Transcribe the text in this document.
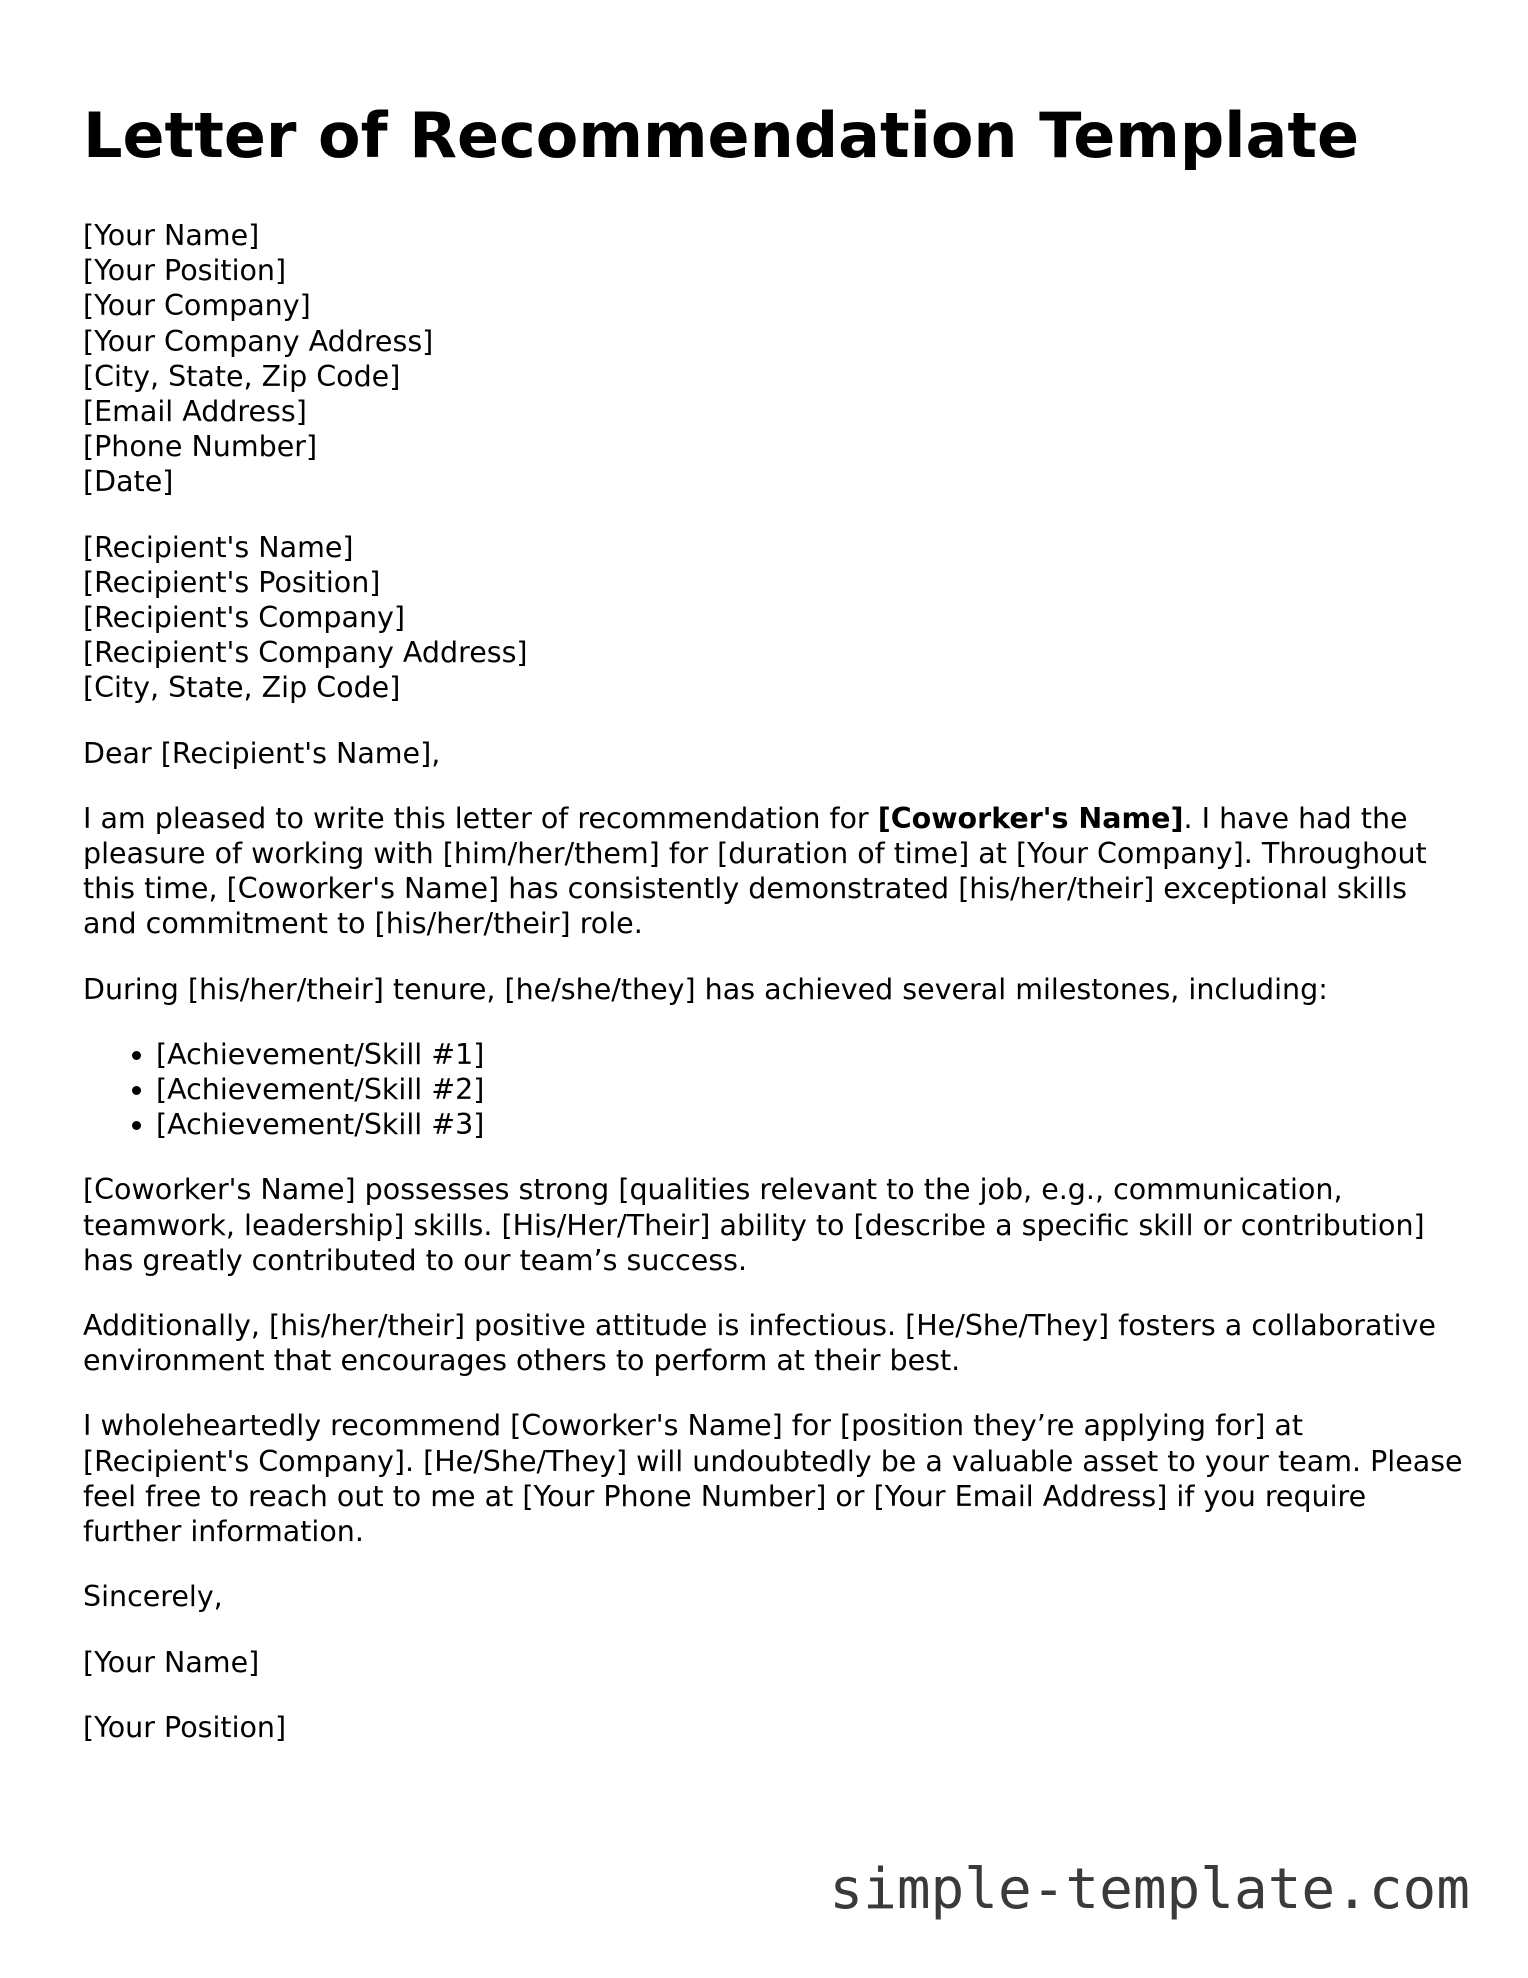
Letter of Recommendation Template
[Your Name]
[Your Position]
[Your Company]
[Your Company Address]
[City, State, Zip Code]
[Email Address]
[Phone Number]
[Date]
[Recipient's Name]
[Recipient's Position]
[Recipient's Company]
[Recipient's Company Address]
[City, State, Zip Code]

Dear [Recipient's Name],

I am pleased to write this letter of recommendation for [Coworker's Name]. I have had the pleasure of working with [him/her/them] for [duration of time] at [Your Company]. Throughout this time, [Coworker's Name] has consistently demonstrated [his/her/their] exceptional skills and commitment to [his/her/their] role.

During [his/her/their] tenure, [he/she/they] has achieved several milestones, including:

• [Achievement/Skill #1]
• [Achievement/Skill #2]
• [Achievement/Skill #3]

[Coworker's Name] possesses strong [qualities relevant to the job, e.g., communication, teamwork, leadership] skills. [His/Her/Their] ability to [describe a specific skill or contribution] has greatly contributed to our team’s success.

Additionally, [his/her/their] positive attitude is infectious. [He/She/They] fosters a collaborative environment that encourages others to perform at their best.

I wholeheartedly recommend [Coworker's Name] for [position they’re applying for] at [Recipient's Company]. [He/She/They] will undoubtedly be a valuable asset to your team. Please feel free to reach out to me at [Your Phone Number] or [Your Email Address] if you require further information.

Sincerely,

[Your Name]

[Your Position]

simple-template.com
